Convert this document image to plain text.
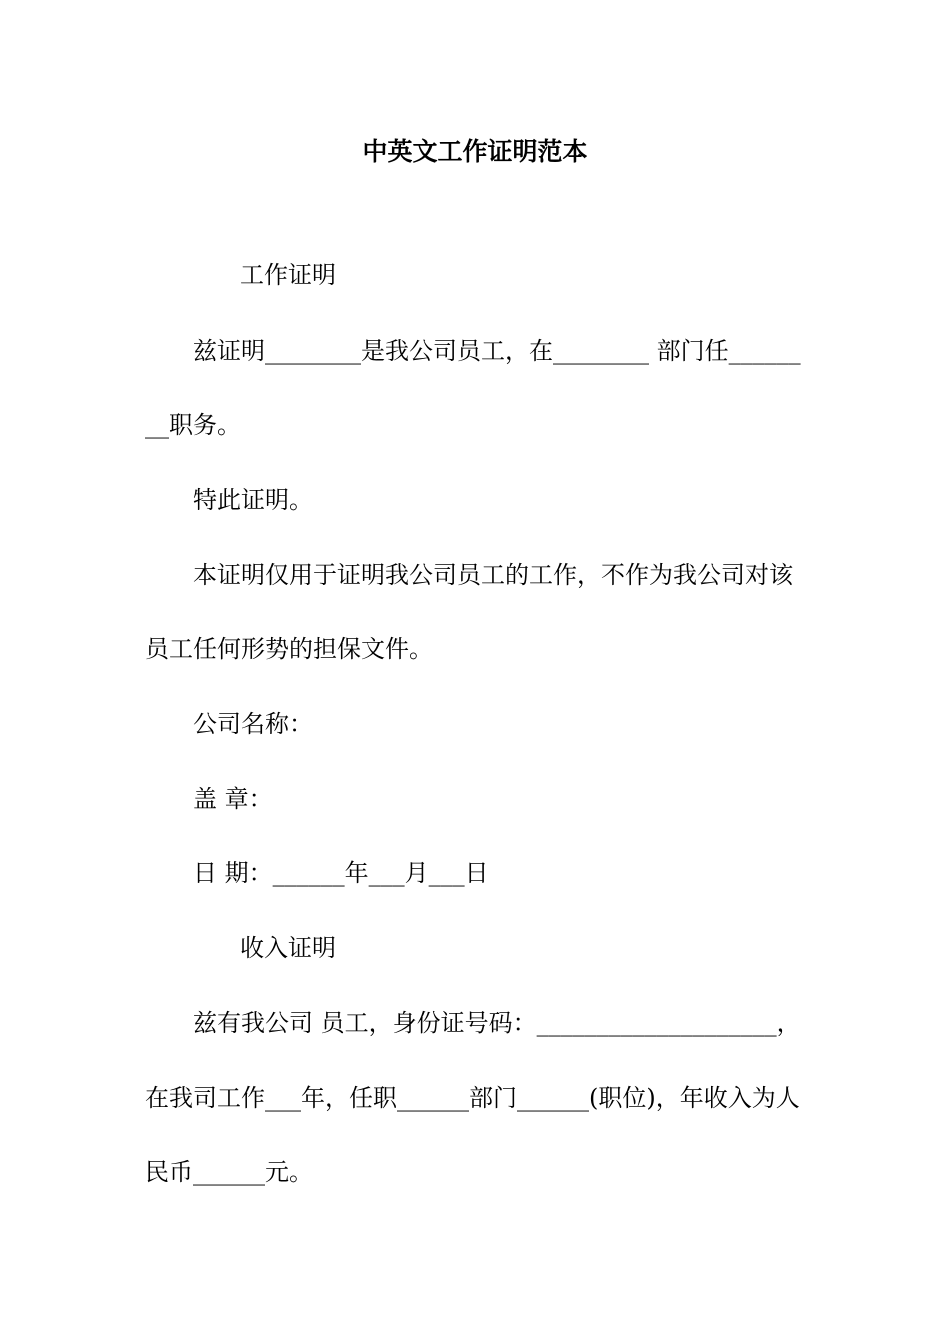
中英文工作证明范本
工作证明
兹证明________是我公司员工，在________ 部门任______
__职务。
特此证明。
本证明仅用于证明我公司员工的工作，不作为我公司对该
员工任何形势的担保文件。
公司名称：
盖 章：
日 期：______年___月___日
收入证明
兹有我公司 员工，身份证号码：____________________，
在我司工作___年，任职______部门______(职位)，年收入为人
民币______元。
